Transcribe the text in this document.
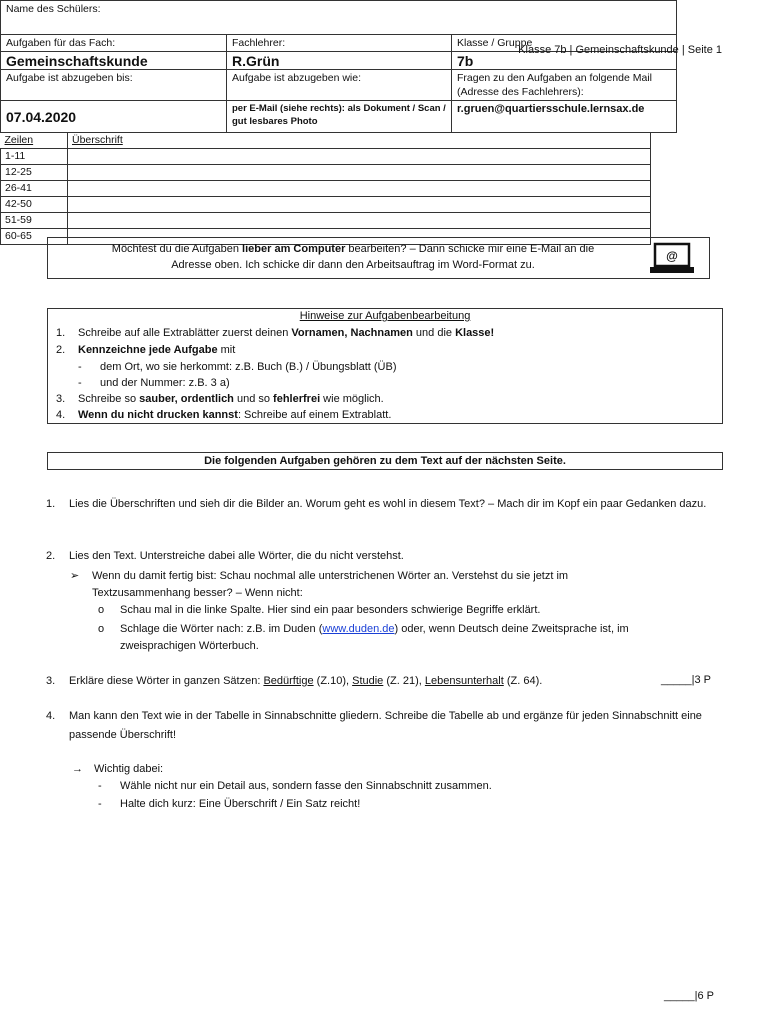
Klasse 7b | Gemeinschaftskunde | Seite 1
Name des Schülers:		
Aufgaben für das Fach:	Fachlehrer:	Klasse / Gruppe
Gemeinschaftskunde	R.Grün	7b
Aufgabe ist abzugeben bis:	Aufgabe ist abzugeben wie:	Fragen zu den Aufgaben an folgende Mail (Adresse des Fachlehrers):
07.04.2020	per E-Mail (siehe rechts): als Dokument / Scan / gut lesbares Photo	r.gruen@quartiersschule.lernsax.de
Möchtest du die Aufgaben lieber am Computer bearbeiten? – Dann schicke mir eine E-Mail an die
Adresse oben. Ich schicke dir dann den Arbeitsauftrag im Word-Format zu.
@
Hinweise zur Aufgabenbearbeitung
1. Schreibe auf alle Extrablätter zuerst deinen Vornamen, Nachnamen und die Klasse!
2. Kennzeichne jede Aufgabe mit
- dem Ort, wo sie herkommt: z.B. Buch (B.) / Übungsblatt (ÜB)
- und der Nummer: z.B. 3 a)
3. Schreibe so sauber, ordentlich und so fehlerfrei wie möglich.
4. Wenn du nicht drucken kannst: Schreibe auf einem Extrablatt.
Die folgenden Aufgaben gehören zu dem Text auf der nächsten Seite.
1. Lies die Überschriften und sieh dir die Bilder an. Worum geht es wohl in diesem Text? – Mach dir im Kopf ein paar Gedanken dazu.
2. Lies den Text. Unterstreiche dabei alle Wörter, die du nicht verstehst.
➢ Wenn du damit fertig bist: Schau nochmal alle unterstrichenen Wörter an. Verstehst du sie jetzt im
Textzusammenhang besser? – Wenn nicht:
o Schau mal in die linke Spalte. Hier sind ein paar besonders schwierige Begriffe erklärt.
o Schlage die Wörter nach: z.B. im Duden (www.duden.de) oder, wenn Deutsch deine Zweitsprache ist, im
zweisprachigen Wörterbuch.
3. Erkläre diese Wörter in ganzen Sätzen: Bedürftige (Z.10), Studie (Z. 21), Lebensunterhalt (Z. 64).	_____|3 P
4. Man kann den Text wie in der Tabelle in Sinnabschnitte gliedern. Schreibe die Tabelle ab und ergänze für jeden Sinnabschnitt eine passende Überschrift!
→ Wichtig dabei:
- Wähle nicht nur ein Detail aus, sondern fasse den Sinnabschnitt zusammen.
- Halte dich kurz: Eine Überschrift / Ein Satz reicht!
Zeilen	Überschrift
1-11	
12-25	
26-41	
42-50	
51-59	
60-65	
_____|6 P
